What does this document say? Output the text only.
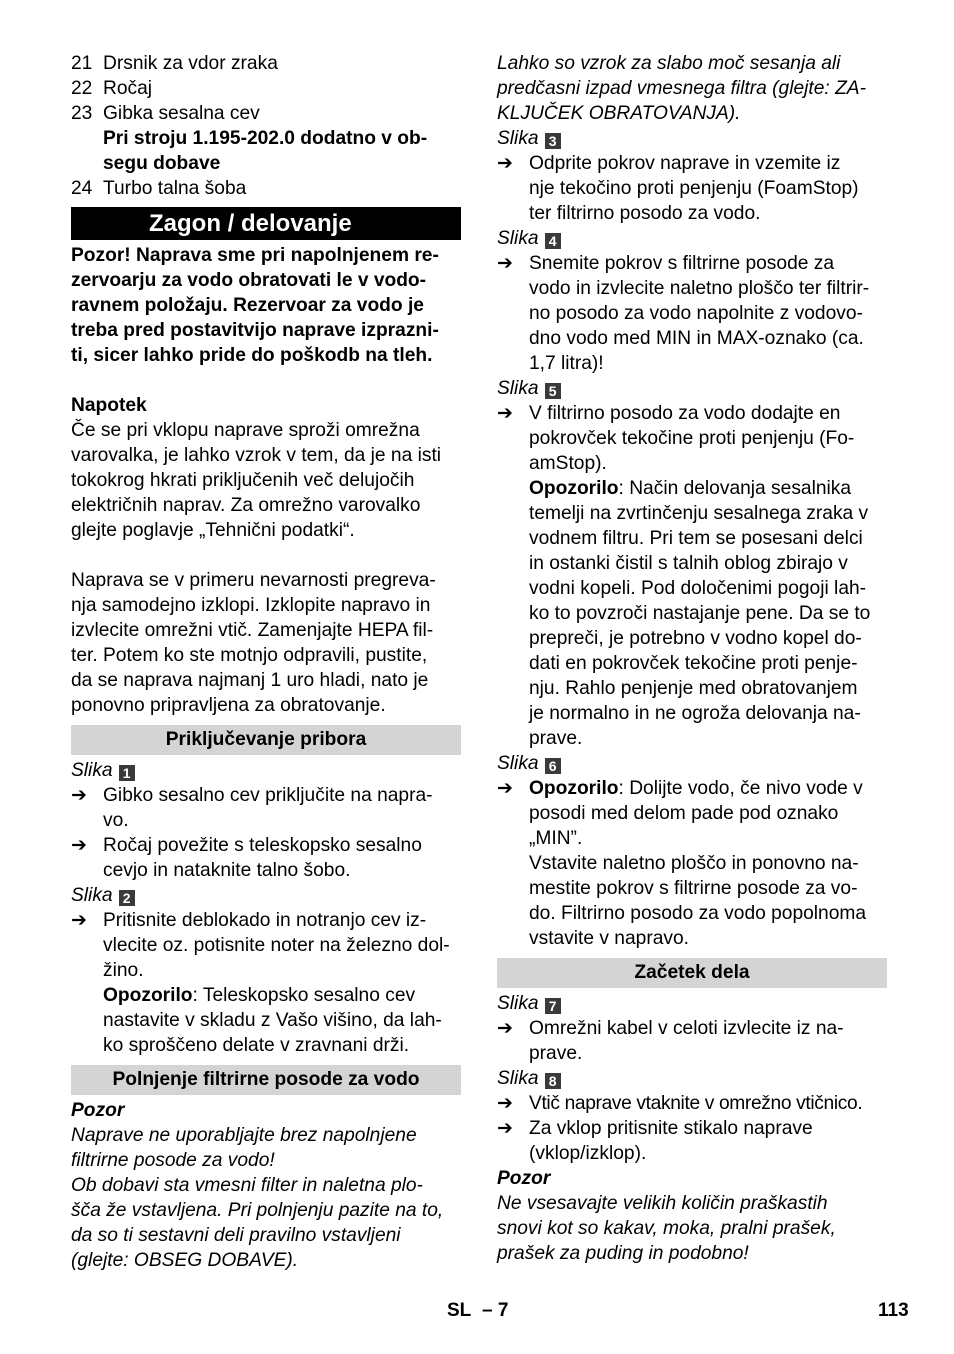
21 Drsnik za vdor zraka
22 Ročaj
23 Gibka sesalna cev
Pri stroju 1.195-202.0 dodatno v ob-
segu dobave
24 Turbo talna šoba
Zagon / delovanje
Pozor! Naprava sme pri napolnjenem re-
zervoarju za vodo obratovati le v vodo-
ravnem položaju. Rezervoar za vodo je
treba pred postavitvijo naprave izprazni-
ti, sicer lahko pride do poškodb na tleh.
Napotek
Če se pri vklopu naprave sproži omrežna
varovalka, je lahko vzrok v tem, da je na isti
tokokrog hkrati priključenih več delujočih
električnih naprav. Za omrežno varovalko
glejte poglavje „Tehnični podatki“.
Naprava se v primeru nevarnosti pregreva-
nja samodejno izklopi. Izklopite napravo in
izvlecite omrežni vtič. Zamenjajte HEPA fil-
ter. Potem ko ste motnjo odpravili, pustite,
da se naprava najmanj 1 uro hladi, nato je
ponovno pripravljena za obratovanje.
Priključevanje pribora
Slika 1
➔ Gibko sesalno cev priključite na napra-
vo.
➔ Ročaj povežite s teleskopsko sesalno
cevjo in nataknite talno šobo.
Slika 2
➔ Pritisnite deblokado in notranjo cev iz-
vlecite oz. potisnite noter na železno dol-
žino.
Opozorilo: Teleskopsko sesalno cev
nastavite v skladu z Vašo višino, da lah-
ko sproščeno delate v zravnani drži.
Polnjenje filtrirne posode za vodo
Pozor
Naprave ne uporabljajte brez napolnjene
filtrirne posode za vodo!
Ob dobavi sta vmesni filter in naletna plo-
šča že vstavljena. Pri polnjenju pazite na to,
da so ti sestavni deli pravilno vstavljeni
(glejte: OBSEG DOBAVE).
Lahko so vzrok za slabo moč sesanja ali
predčasni izpad vmesnega filtra (glejte: ZA-
KLJUČEK OBRATOVANJA).
Slika 3
➔ Odprite pokrov naprave in vzemite iz
nje tekočino proti penjenju (FoamStop)
ter filtrirno posodo za vodo.
Slika 4
➔ Snemite pokrov s filtrirne posode za
vodo in izvlecite naletno ploščo ter filtrir-
no posodo za vodo napolnite z vodovo-
dno vodo med MIN in MAX-oznako (ca.
1,7 litra)!
Slika 5
➔ V filtrirno posodo za vodo dodajte en
pokrovček tekočine proti penjenju (Fo-
amStop).
Opozorilo: Način delovanja sesalnika
temelji na zvrtinčenju sesalnega zraka v
vodnem filtru. Pri tem se posesani delci
in ostanki čistil s talnih oblog zbirajo v
vodni kopeli. Pod določenimi pogoji lah-
ko to povzroči nastajanje pene. Da se to
prepreči, je potrebno v vodno kopel do-
dati en pokrovček tekočine proti penje-
nju. Rahlo penjenje med obratovanjem
je normalno in ne ogroža delovanja na-
prave.
Slika 6
➔ Opozorilo: Dolijte vodo, če nivo vode v
posodi med delom pade pod oznako
„MIN”.
Vstavite naletno ploščo in ponovno na-
mestite pokrov s filtrirne posode za vo-
do. Filtrirno posodo za vodo popolnoma
vstavite v napravo.
Začetek dela
Slika 7
➔ Omrežni kabel v celoti izvlecite iz na-
prave.
Slika 8
➔ Vtič naprave vtaknite v omrežno vtičnico.
➔ Za vklop pritisnite stikalo naprave
(vklop/izklop).
Pozor
Ne vsesavajte velikih količin praškastih
snovi kot so kakav, moka, pralni prašek,
prašek za puding in podobno!
SL – 7	113
